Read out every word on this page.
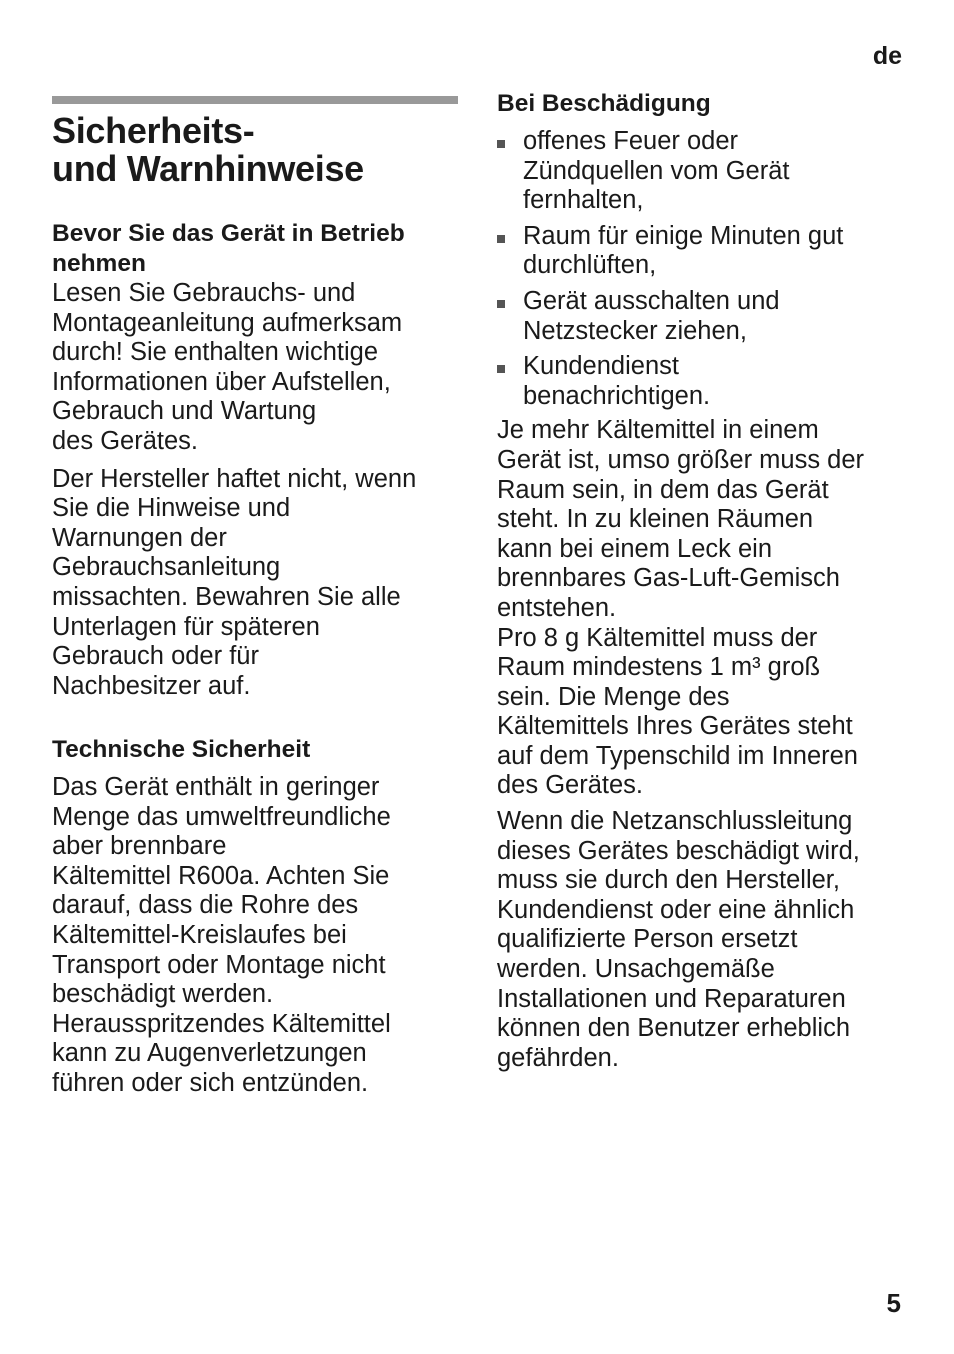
de
Sicherheits-
und Warnhinweise
Bevor Sie das Gerät in Betrieb
nehmen

Lesen Sie Gebrauchs- und
Montageanleitung aufmerksam
durch! Sie enthalten wichtige
Informationen über Aufstellen,
Gebrauch und Wartung
des Gerätes.

Der Hersteller haftet nicht, wenn
Sie die Hinweise und
Warnungen der
Gebrauchsanleitung
missachten. Bewahren Sie alle
Unterlagen für späteren
Gebrauch oder für
Nachbesitzer auf.

Technische Sicherheit

Das Gerät enthält in geringer
Menge das umweltfreundliche
aber brennbare
Kältemittel R600a. Achten Sie
darauf, dass die Rohre des
Kältemittel-Kreislaufes bei
Transport oder Montage nicht
beschädigt werden.
Herausspritzendes Kältemittel
kann zu Augenverletzungen
führen oder sich entzünden.

Bei Beschädigung
offenes Feuer oder
Zündquellen vom Gerät
fernhalten,
Raum für einige Minuten gut
durchlüften,
Gerät ausschalten und
Netzstecker ziehen,
Kundendienst
benachrichtigen.

Je mehr Kältemittel in einem
Gerät ist, umso größer muss der
Raum sein, in dem das Gerät
steht. In zu kleinen Räumen
kann bei einem Leck ein
brennbares Gas-Luft-Gemisch
entstehen.
Pro 8 g Kältemittel muss der
Raum mindestens 1 m³ groß
sein. Die Menge des
Kältemittels Ihres Gerätes steht
auf dem Typenschild im Inneren
des Gerätes.

Wenn die Netzanschlussleitung
dieses Gerätes beschädigt wird,
muss sie durch den Hersteller,
Kundendienst oder eine ähnlich
qualifizierte Person ersetzt
werden. Unsachgemäße
Installationen und Reparaturen
können den Benutzer erheblich
gefährden.

5
